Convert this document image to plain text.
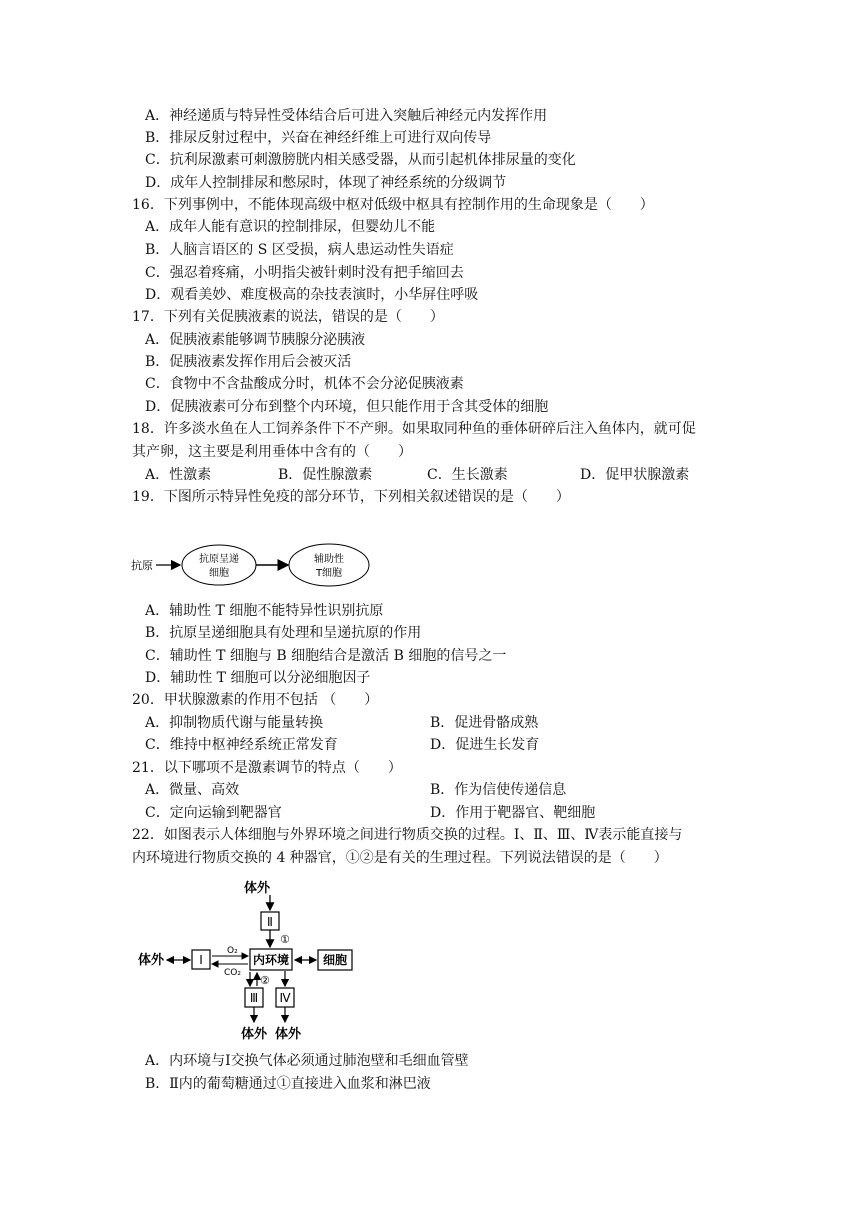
A．神经递质与特异性受体结合后可进入突触后神经元内发挥作用
B．排尿反射过程中，兴奋在神经纤维上可进行双向传导
C．抗利尿激素可刺激膀胱内相关感受器，从而引起机体排尿量的变化
D．成年人控制排尿和憋尿时，体现了神经系统的分级调节
16．下列事例中，不能体现高级中枢对低级中枢具有控制作用的生命现象是（　　）
A．成年人能有意识的控制排尿，但婴幼儿不能
B．人脑言语区的 S 区受损，病人患运动性失语症
C．强忍着疼痛，小明指尖被针刺时没有把手缩回去
D．观看美妙、难度极高的杂技表演时，小华屏住呼吸
17．下列有关促胰液素的说法，错误的是（　　）
A．促胰液素能够调节胰腺分泌胰液
B．促胰液素发挥作用后会被灭活
C．食物中不含盐酸成分时，机体不会分泌促胰液素
D．促胰液素可分布到整个内环境，但只能作用于含其受体的细胞
18．许多淡水鱼在人工饲养条件下不产卵。如果取同种鱼的垂体研碎后注入鱼体内，就可促
其产卵，这主要是利用垂体中含有的（　　）
A．性激素	B．促性腺激素	C．生长激素	D．促甲状腺激素
19．下图所示特异性免疫的部分环节，下列相关叙述错误的是（　　）
抗原	抗原呈递
细胞
辅助性
T细胞
A．辅助性 T 细胞不能特异性识别抗原
B．抗原呈递细胞具有处理和呈递抗原的作用
C．辅助性 T 细胞与 B 细胞结合是激活 B 细胞的信号之一
D．辅助性 T 细胞可以分泌细胞因子
20．甲状腺激素的作用不包括 （　　）
A．抑制物质代谢与能量转换	B．促进骨骼成熟
C．维持中枢神经系统正常发育	D．促进生长发育
21．以下哪项不是激素调节的特点（　　）
A．微量、高效	B．作为信使传递信息
C．定向运输到靶器官	D．作用于靶器官、靶细胞
22．如图表示人体细胞与外界环境之间进行物质交换的过程。Ⅰ、Ⅱ、Ⅲ、Ⅳ表示能直接与
内环境进行物质交换的 4 种器官，①②是有关的生理过程。下列说法错误的是（　　）
体外
Ⅱ
①
体外	Ⅰ
O₂
CO₂
内环境	细胞
②
Ⅲ
体外
Ⅳ
体外
A．内环境与Ⅰ交换气体必须通过肺泡壁和毛细血管壁
B．Ⅱ内的葡萄糖通过①直接进入血浆和淋巴液
